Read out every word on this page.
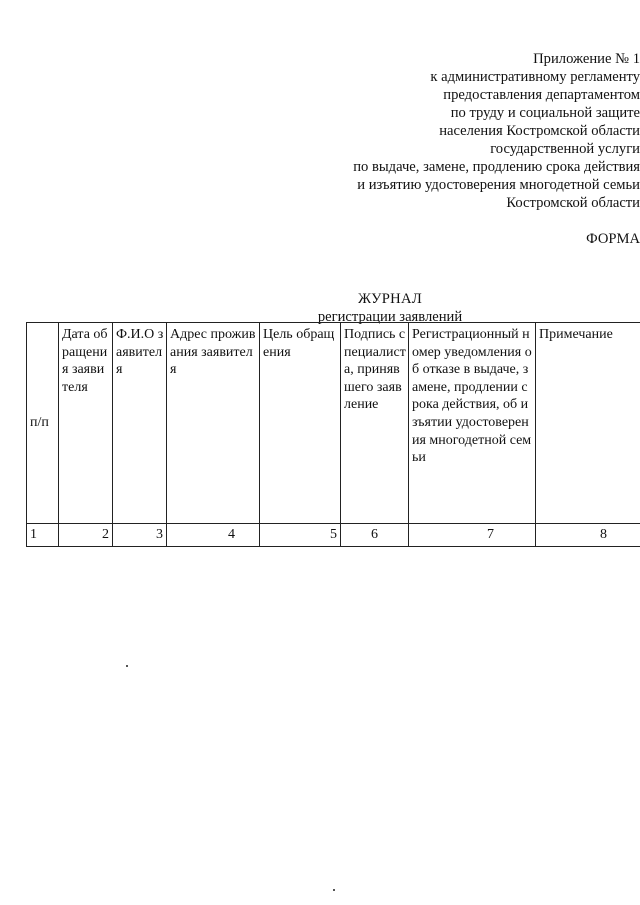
Приложение № 1
к административному регламенту
предоставления департаментом
по труду и социальной защите
населения Костромской области
государственной услуги
по выдаче, замене, продлению срока действия
и изъятию удостоверения многодетной семьи
Костромской области
ФОРМА
ЖУРНАЛ
регистрации заявлений
п/п	Дата обращения заявителя	Ф.И.О заявителя	Адрес проживания заявителя	Цель обращения	Подпись специалиста, принявшего заявление	Регистрационный номер уведомления об отказе в выдаче, замене, продлении срока действия, об изъятии удостоверения многодетной семьи	Примечание
1	2	3	4	5	6	7	8
